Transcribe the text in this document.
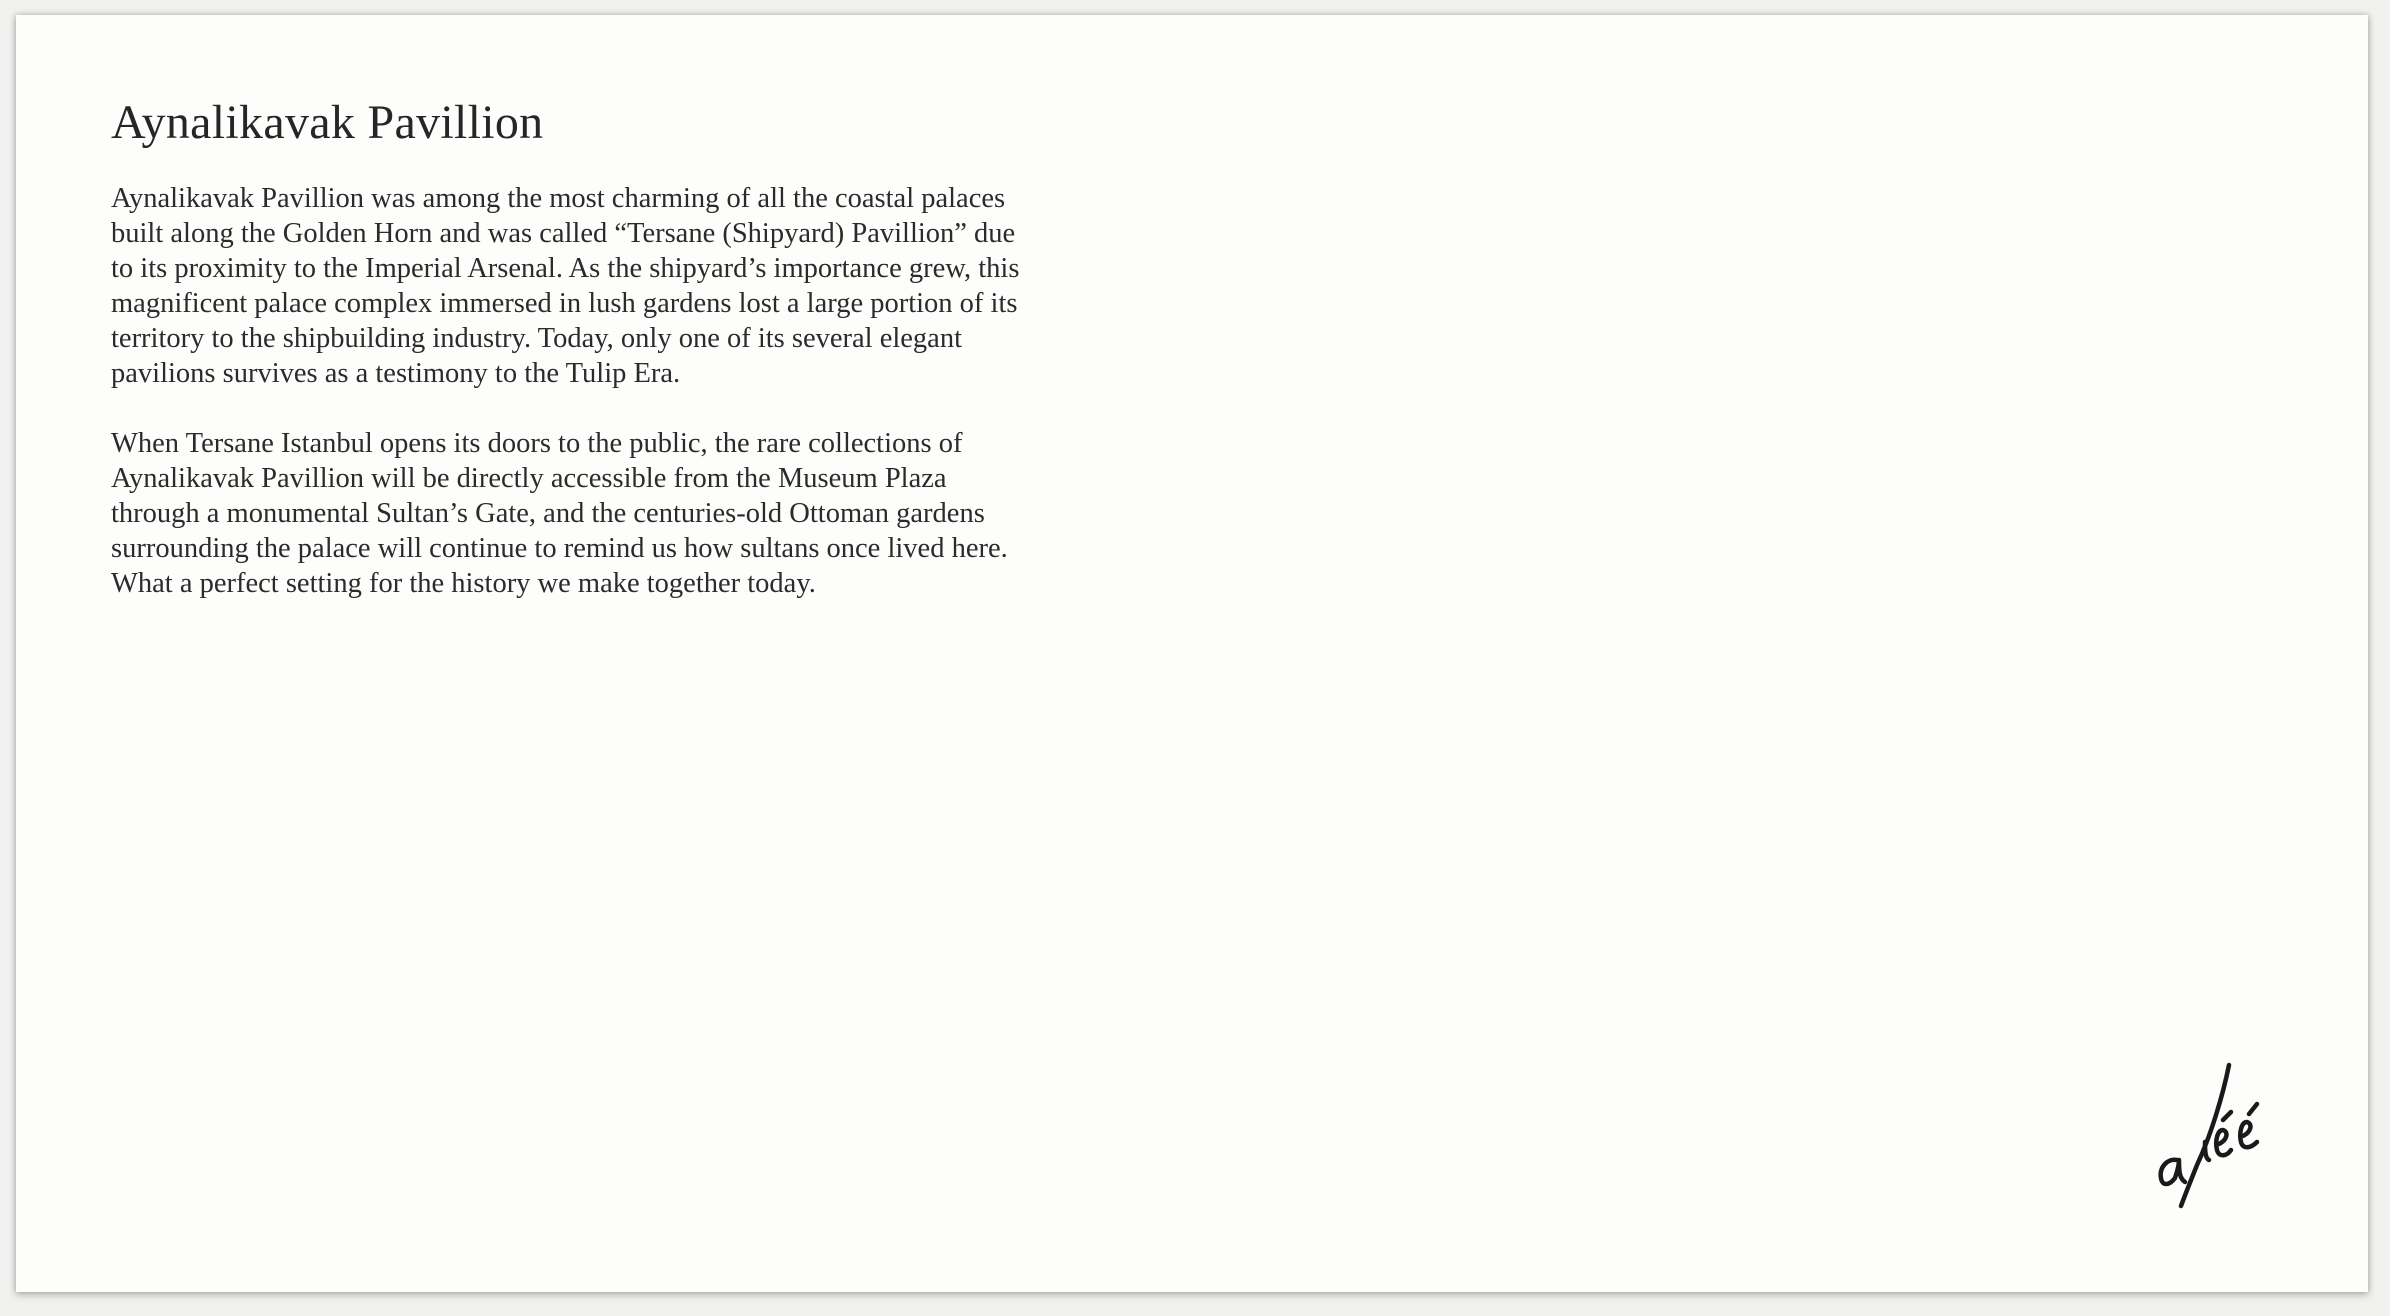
Aynalikavak Pavillion

Aynalikavak Pavillion was among the most charming of all the coastal palaces built along the Golden Horn and was called “Tersane (Shipyard) Pavillion” due to its proximity to the Imperial Arsenal. As the shipyard’s importance grew, this magnificent palace complex immersed in lush gardens lost a large portion of its territory to the shipbuilding industry. Today, only one of its several elegant pavilions survives as a testimony to the Tulip Era.

When Tersane Istanbul opens its doors to the public, the rare collections of Aynalikavak Pavillion will be directly accessible from the Museum Plaza through a monumental Sultan’s Gate, and the centuries-old Ottoman gardens surrounding the palace will continue to remind us how sultans once lived here. What a perfect setting for the history we make together today.
